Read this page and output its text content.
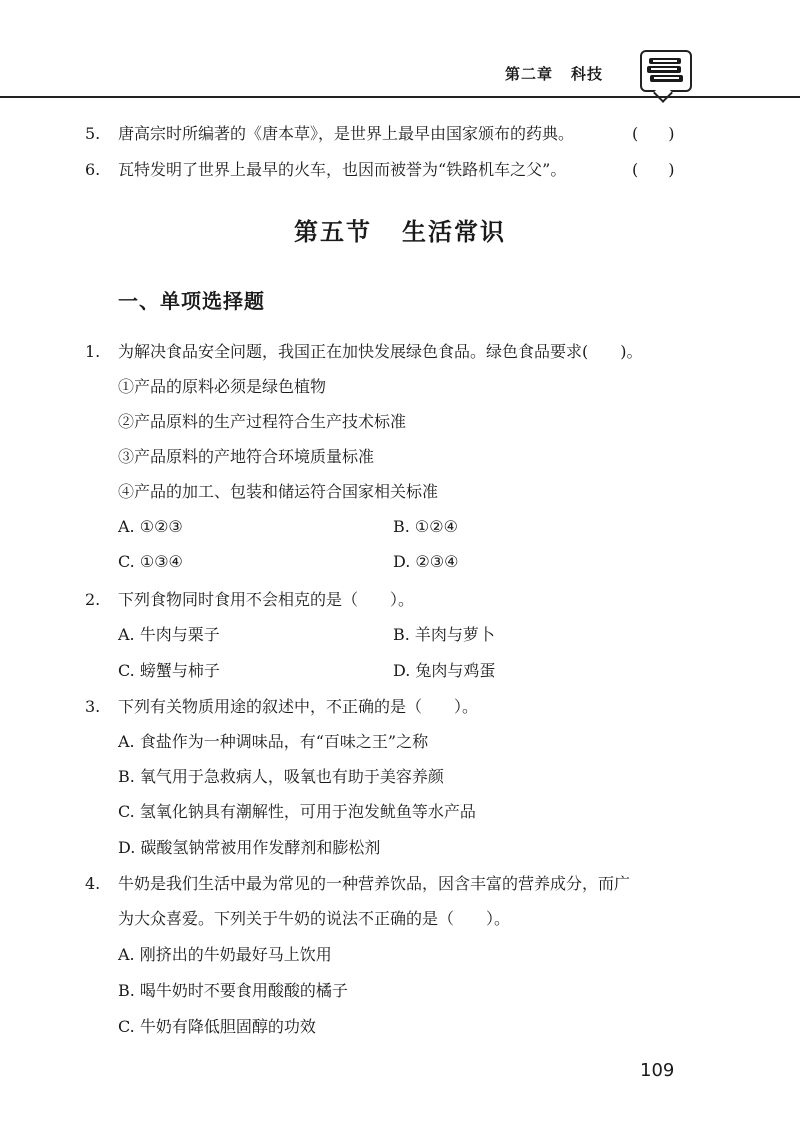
第二章 科技
5. 唐高宗时所编著的《唐本草》，是世界上最早由国家颁布的药典。	( )
6. 瓦特发明了世界上最早的火车，也因而被誉为“铁路机车之父”。	( )
第五节 生活常识
一、单项选择题
1. 为解决食品安全问题，我国正在加快发展绿色食品。绿色食品要求(　　)。
①产品的原料必须是绿色植物
②产品原料的生产过程符合生产技术标准
③产品原料的产地符合环境质量标准
④产品的加工、包装和储运符合国家相关标准
A. ①②③	B. ①②④
C. ①③④	D. ②③④
2. 下列食物同时食用不会相克的是（　　）。
A. 牛肉与栗子	B. 羊肉与萝卜
C. 螃蟹与柿子	D. 兔肉与鸡蛋
3. 下列有关物质用途的叙述中，不正确的是（　　）。
A. 食盐作为一种调味品，有“百味之王”之称
B. 氧气用于急救病人，吸氧也有助于美容养颜
C. 氢氧化钠具有潮解性，可用于泡发鱿鱼等水产品
D. 碳酸氢钠常被用作发酵剂和膨松剂
4. 牛奶是我们生活中最为常见的一种营养饮品，因含丰富的营养成分，而广
为大众喜爱。下列关于牛奶的说法不正确的是（　　）。
A. 刚挤出的牛奶最好马上饮用
B. 喝牛奶时不要食用酸酸的橘子
C. 牛奶有降低胆固醇的功效
109
